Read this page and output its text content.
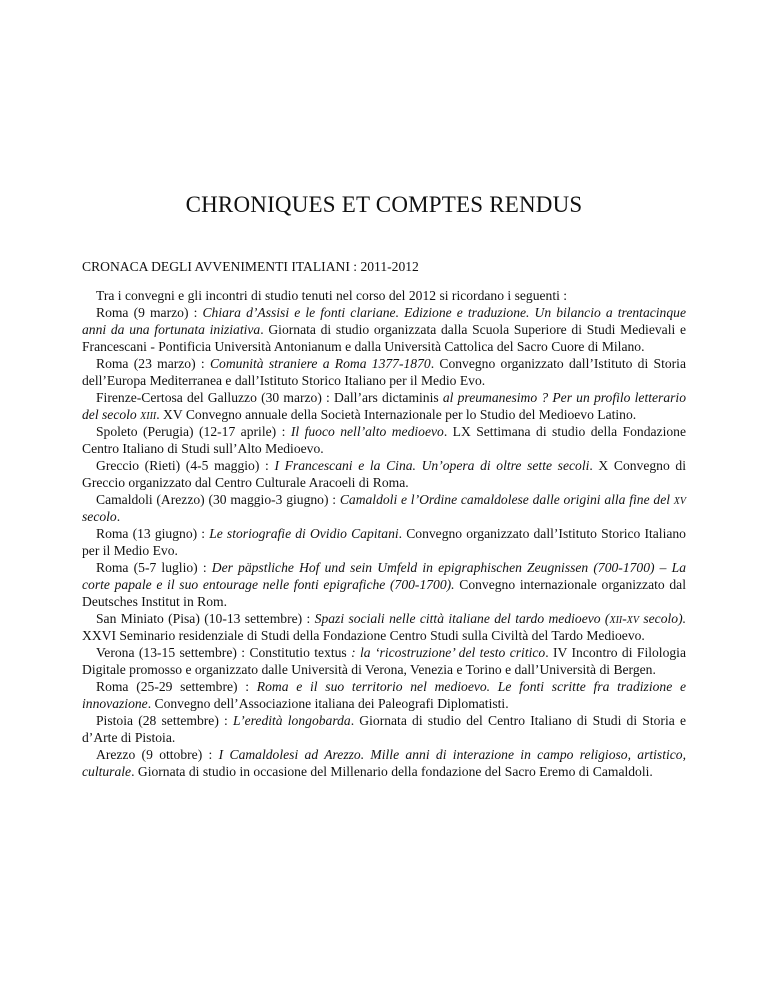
CHRONIQUES ET COMPTES RENDUS
CRONACA DEGLI AVVENIMENTI ITALIANI : 2011-2012

Tra i convegni e gli incontri di studio tenuti nel corso del 2012 si ricordano i seguenti :

Roma (9 marzo) : Chiara d’Assisi e le fonti clariane. Edizione e traduzione. Un bilancio a trentacinque anni da una fortunata iniziativa. Giornata di studio organizzata dalla Scuola Superiore di Studi Medievali e Francescani - Pontificia Università Antonianum e dalla Università Cattolica del Sacro Cuore di Milano.

Roma (23 marzo) : Comunità straniere a Roma 1377-1870. Convegno organizzato dall’Istituto di Storia dell’Europa Mediterranea e dall’Istituto Storico Italiano per il Medio Evo.

Firenze-Certosa del Galluzzo (30 marzo) : Dall’ars dictaminis al preumanesimo ? Per un profilo letterario del secolo xiii. XV Convegno annuale della Società Internazionale per lo Studio del Medioevo Latino.

Spoleto (Perugia) (12-17 aprile) : Il fuoco nell’alto medioevo. LX Settimana di studio della Fondazione Centro Italiano di Studi sull’Alto Medioevo.

Greccio (Rieti) (4-5 maggio) : I Francescani e la Cina. Un’opera di oltre sette secoli. X Convegno di Greccio organizzato dal Centro Culturale Aracoeli di Roma.

Camaldoli (Arezzo) (30 maggio-3 giugno) : Camaldoli e l’Ordine camaldolese dalle origini alla fine del xv secolo.

Roma (13 giugno) : Le storiografie di Ovidio Capitani. Convegno organizzato dall’Istituto Storico Italiano per il Medio Evo.

Roma (5-7 luglio) : Der päpstliche Hof und sein Umfeld in epigraphischen Zeugnissen (700-1700) – La corte papale e il suo entourage nelle fonti epigrafiche (700-1700). Convegno internazionale organizzato dal Deutsches Institut in Rom.

San Miniato (Pisa) (10-13 settembre) : Spazi sociali nelle città italiane del tardo medioevo (xii-xv secolo). XXVI Seminario residenziale di Studi della Fondazione Centro Studi sulla Civiltà del Tardo Medioevo.

Verona (13-15 settembre) : Constitutio textus : la ‘ricostruzione’ del testo critico. IV Incontro di Filologia Digitale promosso e organizzato dalle Università di Verona, Venezia e Torino e dall’Università di Bergen.

Roma (25-29 settembre) : Roma e il suo territorio nel medioevo. Le fonti scritte fra tradizione e innovazione. Convegno dell’Associazione italiana dei Paleografi Diplomatisti.

Pistoia (28 settembre) : L’eredità longobarda. Giornata di studio del Centro Italiano di Studi di Storia e d’Arte di Pistoia.

Arezzo (9 ottobre) : I Camaldolesi ad Arezzo. Mille anni di interazione in campo religioso, artistico, culturale. Giornata di studio in occasione del Millenario della fondazione del Sacro Eremo di Camaldoli.
